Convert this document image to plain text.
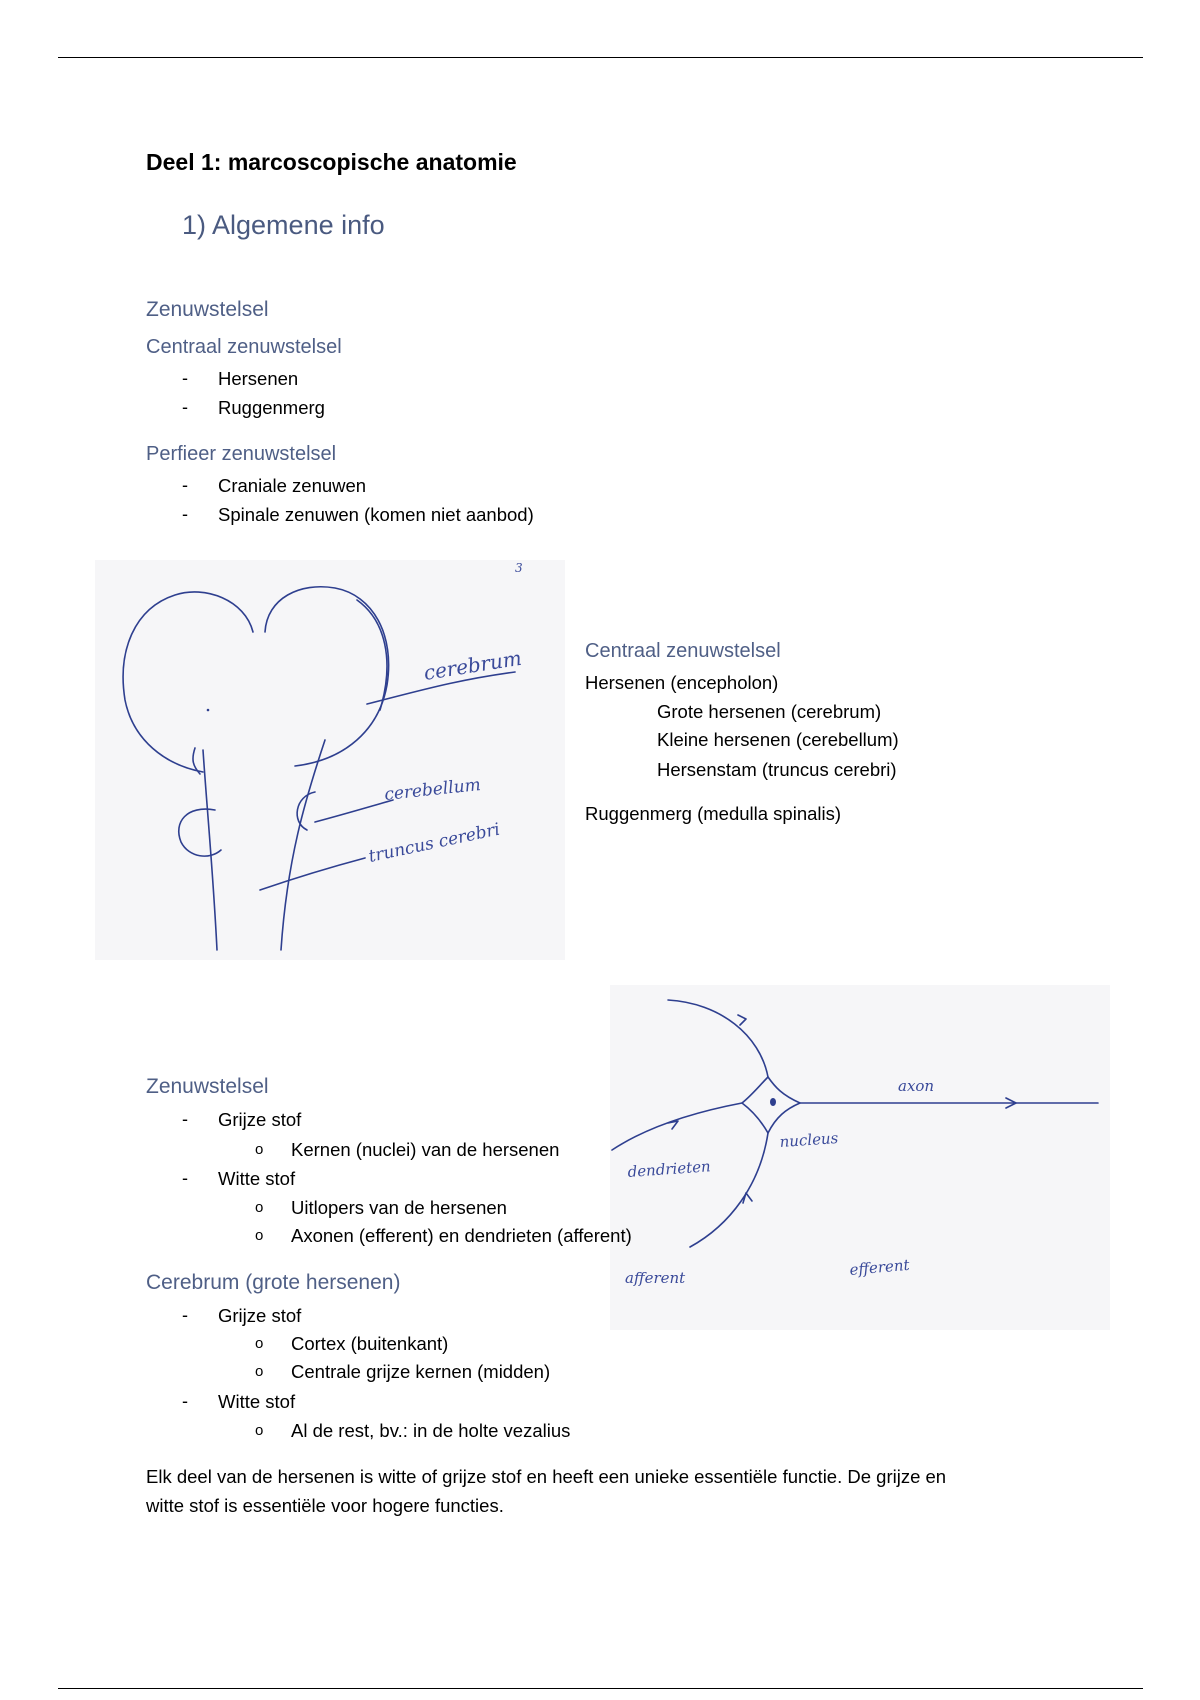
Deel 1: marcoscopische anatomie
1) Algemene info
Zenuwstelsel
Centraal zenuwstelsel
- Hersenen
- Ruggenmerg
Perfieer zenuwstelsel
- Craniale zenuwen
- Spinale zenuwen (komen niet aanbod)
3
cerebrum
cerebellum
truncus cerebri
Centraal zenuwstelsel
Hersenen (encepholon)
Grote hersenen (cerebrum)
Kleine hersenen (cerebellum)
Hersenstam (truncus cerebri)
Ruggenmerg (medulla spinalis)
axon
nucleus
dendrieten
afferent	efferent
Zenuwstelsel
- Grijze stof
o Kernen (nuclei) van de hersenen
- Witte stof
o Uitlopers van de hersenen
o Axonen (efferent) en dendrieten (afferent)
Cerebrum (grote hersenen)
- Grijze stof
o Cortex (buitenkant)
o Centrale grijze kernen (midden)
- Witte stof
o Al de rest, bv.: in de holte vezalius
Elk deel van de hersenen is witte of grijze stof en heeft een unieke essentiële functie. De grijze en
witte stof is essentiële voor hogere functies.
